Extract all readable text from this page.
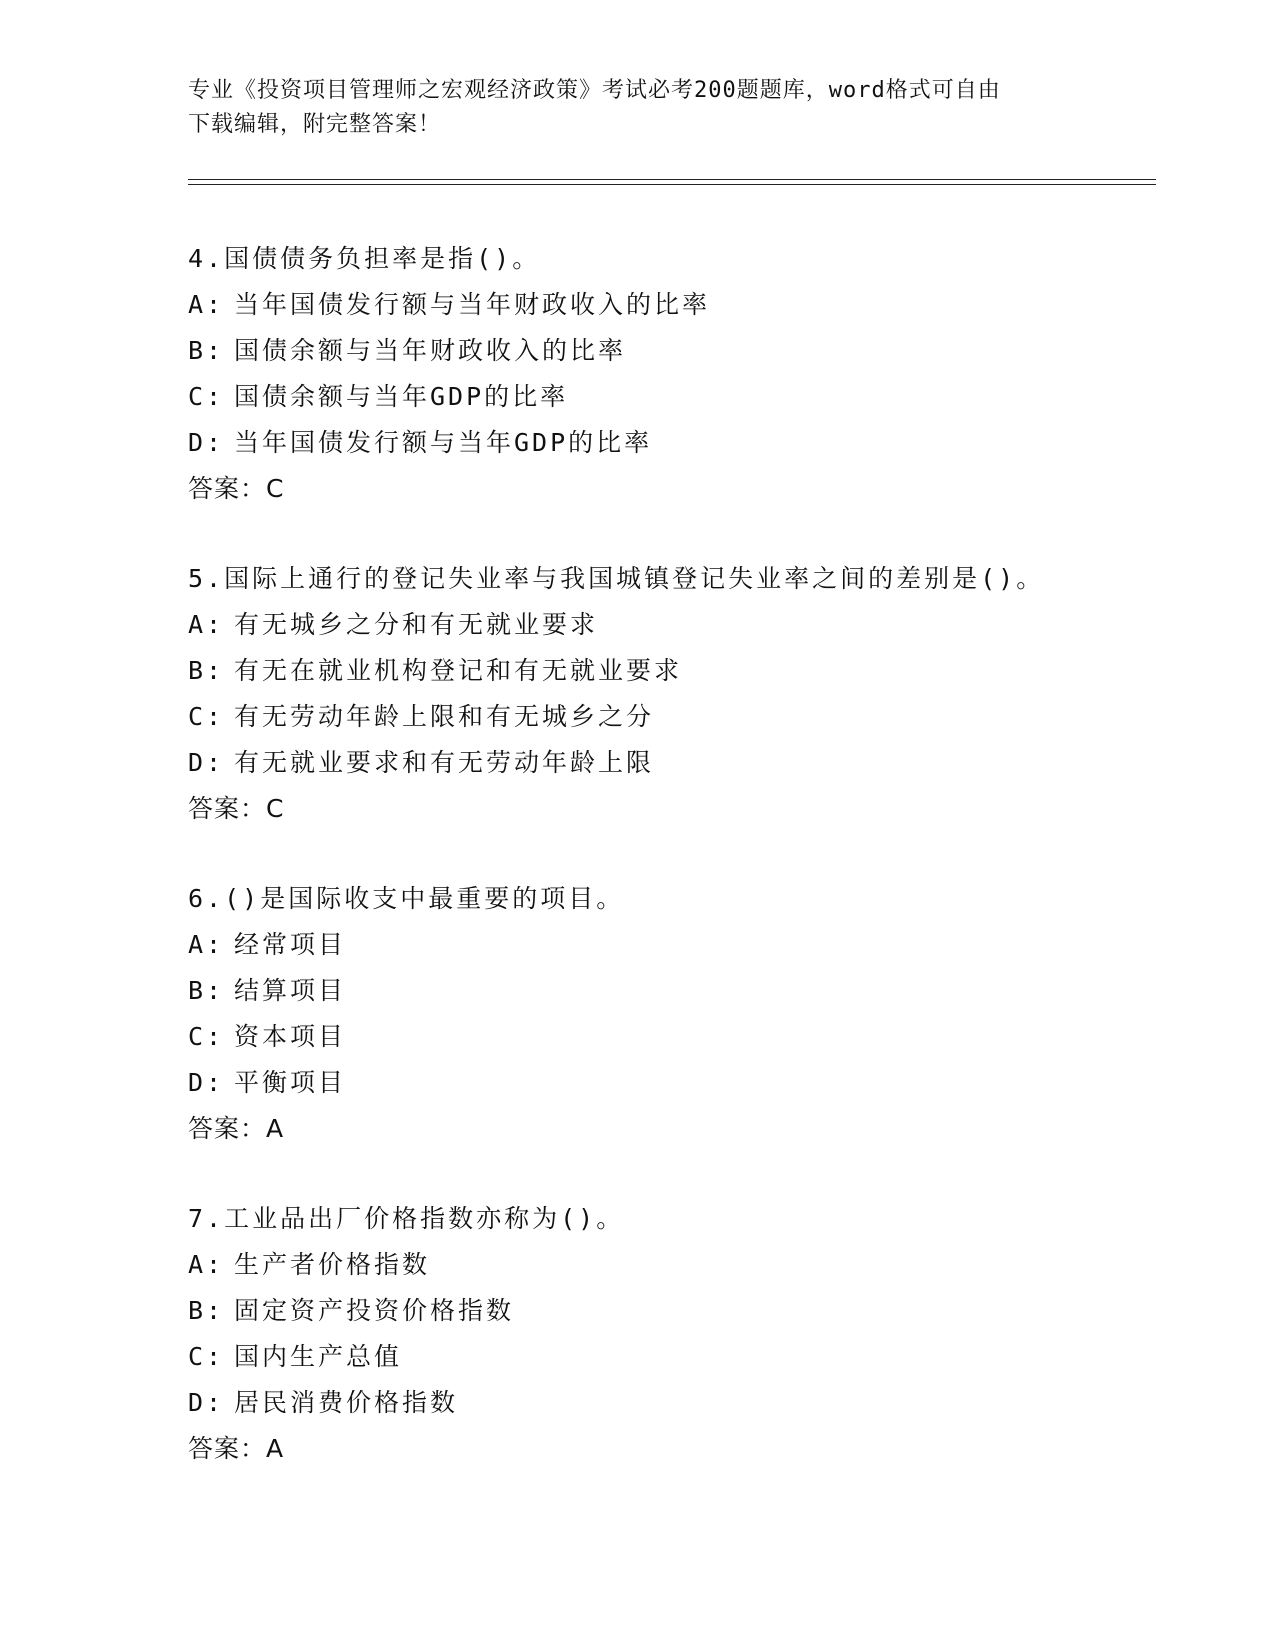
专业《投资项目管理师之宏观经济政策》考试必考200题题库，word格式可自由
下载编辑，附完整答案！
4.国债债务负担率是指()。
A: 当年国债发行额与当年财政收入的比率
B: 国债余额与当年财政收入的比率
C: 国债余额与当年GDP的比率
D: 当年国债发行额与当年GDP的比率
答案：C
5.国际上通行的登记失业率与我国城镇登记失业率之间的差别是()。
A: 有无城乡之分和有无就业要求
B: 有无在就业机构登记和有无就业要求
C: 有无劳动年龄上限和有无城乡之分
D: 有无就业要求和有无劳动年龄上限
答案：C
6.()是国际收支中最重要的项目。
A: 经常项目
B: 结算项目
C: 资本项目
D: 平衡项目
答案：A
7.工业品出厂价格指数亦称为()。
A: 生产者价格指数
B: 固定资产投资价格指数
C: 国内生产总值
D: 居民消费价格指数
答案：A
